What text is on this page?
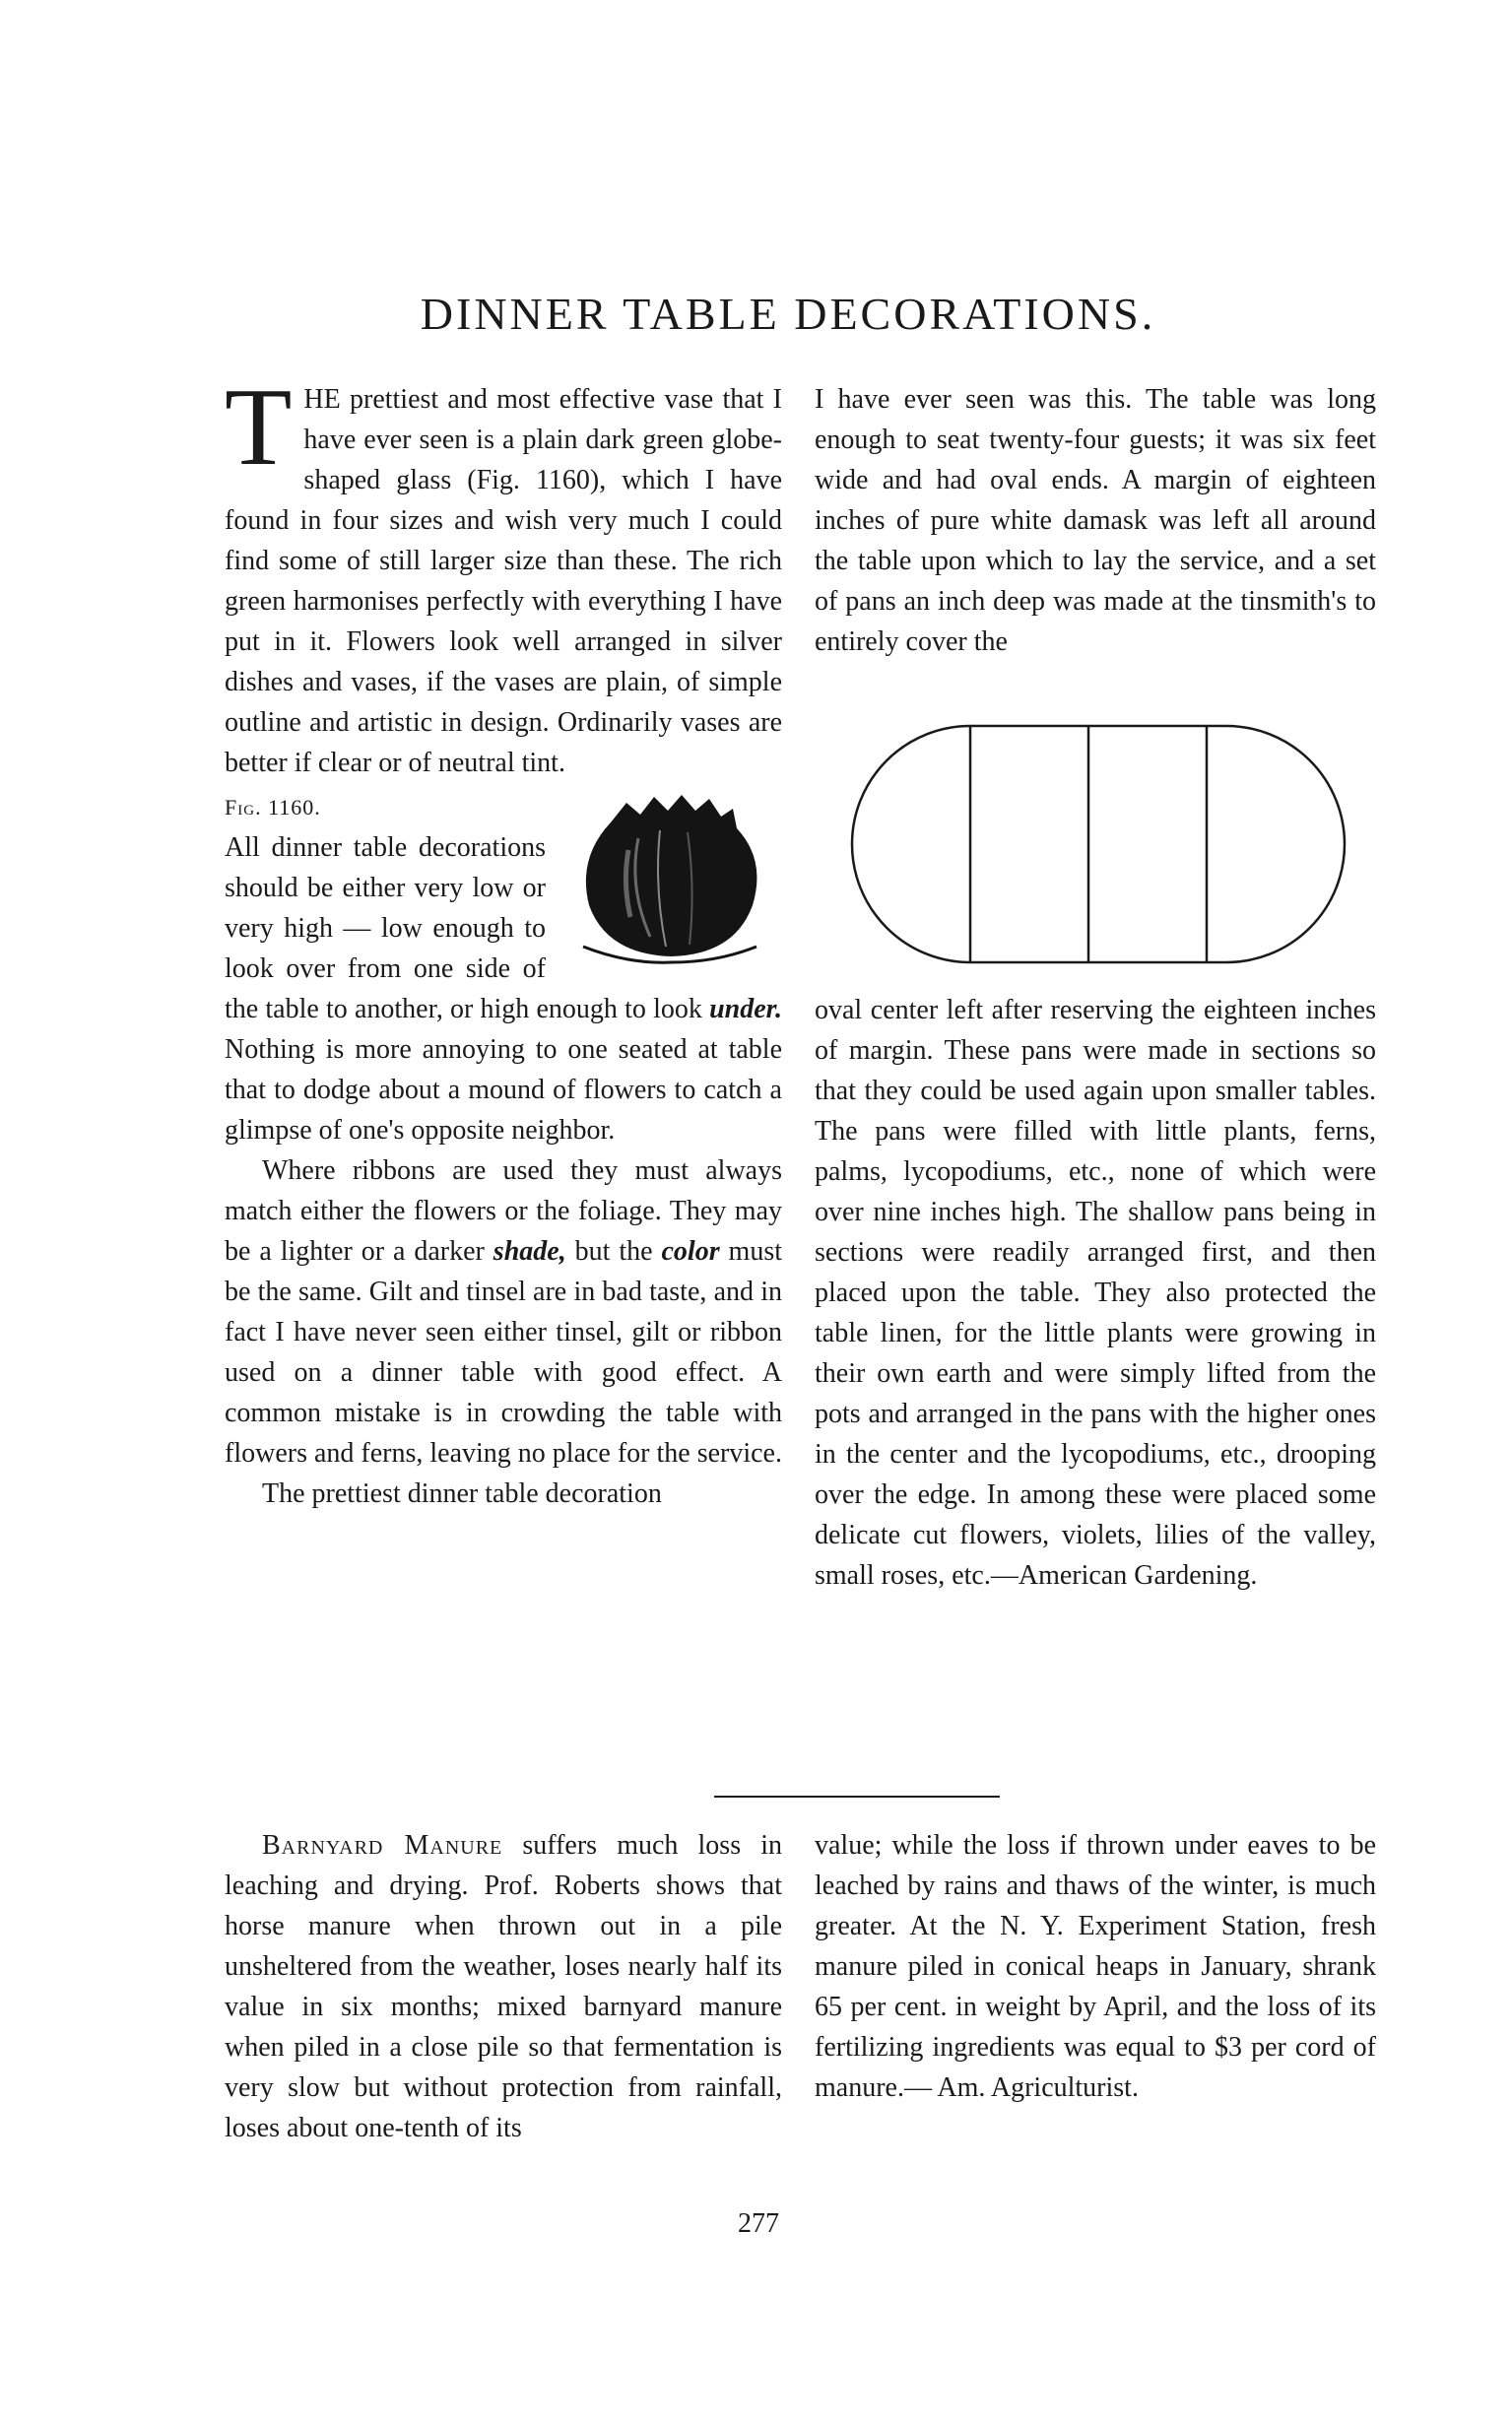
DINNER TABLE DECORATIONS.

THE prettiest and most effective vase that I have ever seen is a plain dark green globe-shaped glass (Fig. 1160), which I have found in four sizes and wish very much I could find some of still larger size than these. The rich green harmonises perfectly with everything I have put in it. Flowers look well arranged in silver dishes and vases, if the vases are plain, of simple outline and artistic in design. Ordinarily vases are better if clear or of neutral tint.

Fig. 1160.
All dinner table decorations should be either very low or very high — low enough to look over from one side of the table to another, or high enough to look under. Nothing is more annoying to one seated at table that to dodge about a mound of flowers to catch a glimpse of one's opposite neighbor.

Where ribbons are used they must always match either the flowers or the foliage. They may be a lighter or a darker shade, but the color must be the same. Gilt and tinsel are in bad taste, and in fact I have never seen either tinsel, gilt or ribbon used on a dinner table with good effect. A common mistake is in crowding the table with flowers and ferns, leaving no place for the service.

The prettiest dinner table decoration

I have ever seen was this. The table was long enough to seat twenty-four guests; it was six feet wide and had oval ends. A margin of eighteen inches of pure white damask was left all around the table upon which to lay the service, and a set of pans an inch deep was made at the tinsmith's to entirely cover the

oval center left after reserving the eighteen inches of margin. These pans were made in sections so that they could be used again upon smaller tables. The pans were filled with little plants, ferns, palms, lycopodiums, etc., none of which were over nine inches high. The shallow pans being in sections were readily arranged first, and then placed upon the table. They also protected the table linen, for the little plants were growing in their own earth and were simply lifted from the pots and arranged in the pans with the higher ones in the center and the lycopodiums, etc., drooping over the edge. In among these were placed some delicate cut flowers, violets, lilies of the valley, small roses, etc.—American Gardening.

Barnyard Manure suffers much loss in leaching and drying. Prof. Roberts shows that horse manure when thrown out in a pile unsheltered from the weather, loses nearly half its value in six months; mixed barnyard manure when piled in a close pile so that fermentation is very slow but without protection from rainfall, loses about one-tenth of its

value; while the loss if thrown under eaves to be leached by rains and thaws of the winter, is much greater. At the N. Y. Experiment Station, fresh manure piled in conical heaps in January, shrank 65 per cent. in weight by April, and the loss of its fertilizing ingredients was equal to $3 per cord of manure.— Am. Agriculturist.

277
